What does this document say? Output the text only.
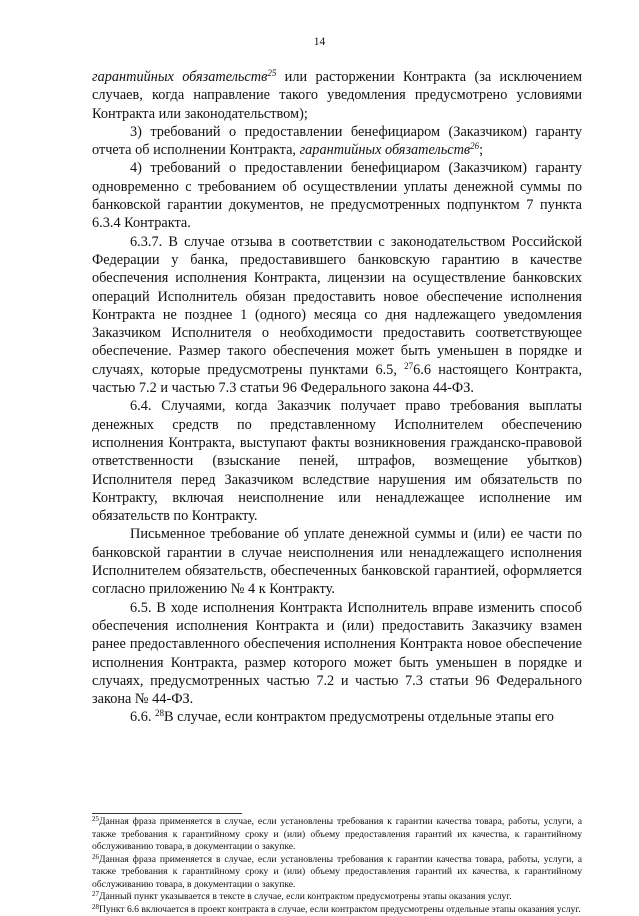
14

гарантийных обязательств$^{25}$ или расторжении Контракта (за исключением случаев, когда направление такого уведомления предусмотрено условиями Контракта или законодательством);

3) требований о предоставлении бенефициаром (Заказчиком) гаранту отчета об исполнении Контракта, гарантийных обязательств$^{26}$;

4) требований о предоставлении бенефициаром (Заказчиком) гаранту одновременно с требованием об осуществлении уплаты денежной суммы по банковской гарантии документов, не предусмотренных подпунктом 7 пункта 6.3.4 Контракта.

6.3.7. В случае отзыва в соответствии с законодательством Российской Федерации у банка, предоставившего банковскую гарантию в качестве обеспечения исполнения Контракта, лицензии на осуществление банковских операций Исполнитель обязан предоставить новое обеспечение исполнения Контракта не позднее 1 (одного) месяца со дня надлежащего уведомления Заказчиком Исполнителя о необходимости предоставить соответствующее обеспечение. Размер такого обеспечения может быть уменьшен в порядке и случаях, которые предусмотрены пунктами 6.5, $^{27}$6.6 настоящего Контракта, частью 7.2 и частью 7.3 статьи 96 Федерального закона 44-ФЗ.

6.4. Случаями, когда Заказчик получает право требования выплаты денежных средств по представленному Исполнителем обеспечению исполнения Контракта, выступают факты возникновения гражданско-правовой ответственности (взыскание пеней, штрафов, возмещение убытков) Исполнителя перед Заказчиком вследствие нарушения им обязательств по Контракту, включая неисполнение или ненадлежащее исполнение им обязательств по Контракту.

Письменное требование об уплате денежной суммы и (или) ее части по банковской гарантии в случае неисполнения или ненадлежащего исполнения Исполнителем обязательств, обеспеченных банковской гарантией, оформляется согласно приложению № 4 к Контракту.

6.5. В ходе исполнения Контракта Исполнитель вправе изменить способ обеспечения исполнения Контракта и (или) предоставить Заказчику взамен ранее предоставленного обеспечения исполнения Контракта новое обеспечение исполнения Контракта, размер которого может быть уменьшен в порядке и случаях, предусмотренных частью 7.2 и частью 7.3 статьи 96 Федерального закона № 44-ФЗ.

6.6. $^{28}$В случае, если контрактом предусмотрены отдельные этапы его

$^{25}$Данная фраза применяется в случае, если установлены требования к гарантии качества товара, работы, услуги, а также требования к гарантийному сроку и (или) объему предоставления гарантий их качества, к гарантийному обслуживанию товара, в документации о закупке.

$^{26}$Данная фраза применяется в случае, если установлены требования к гарантии качества товара, работы, услуги, а также требования к гарантийному сроку и (или) объему предоставления гарантий их качества, к гарантийному обслуживанию товара, в документации о закупке.

$^{27}$Данный пункт указывается в тексте в случае, если контрактом предусмотрены этапы оказания услуг.

$^{28}$Пункт 6.6 включается в проект контракта в случае, если контрактом предусмотрены отдельные этапы оказания услуг.
